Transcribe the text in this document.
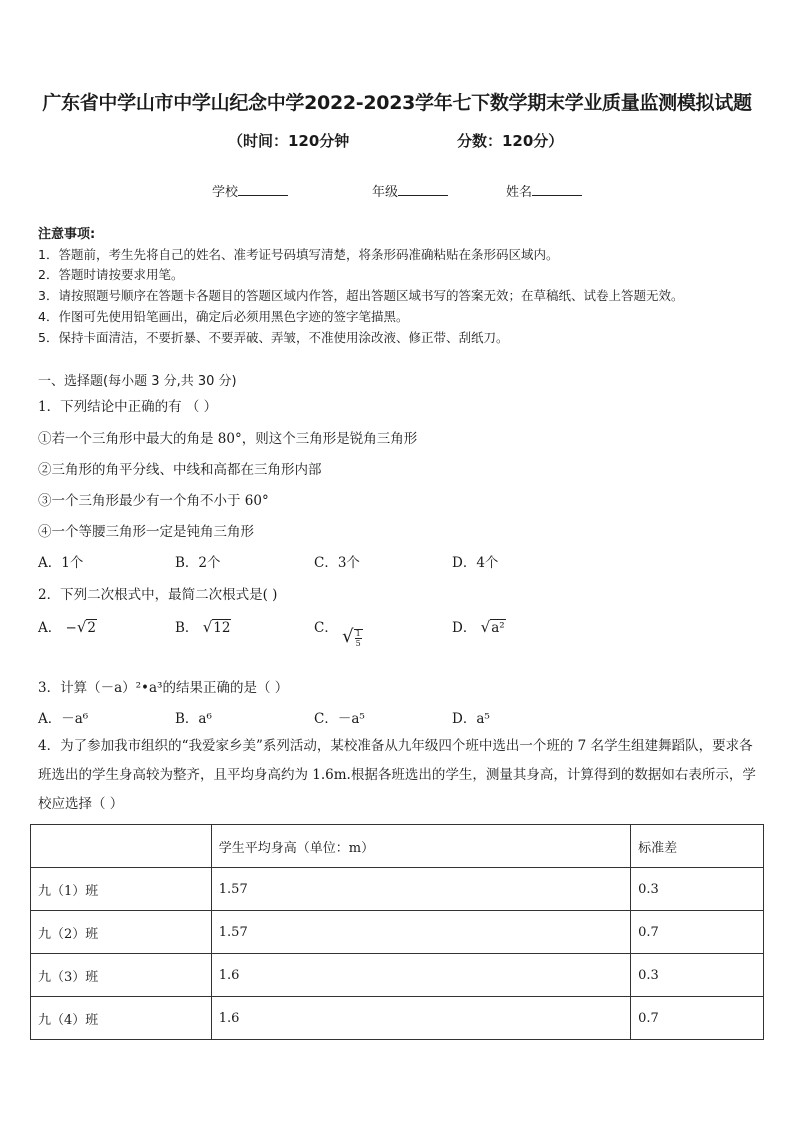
广东省中学山市中学山纪念中学2022-2023学年七下数学期末学业质量监测模拟试题
（时间：120分钟	分数：120分）
学校	年级	姓名
注意事项:
1．答题前，考生先将自己的姓名、准考证号码填写清楚，将条形码准确粘贴在条形码区域内。
2．答题时请按要求用笔。
3．请按照题号顺序在答题卡各题目的答题区域内作答，超出答题区域书写的答案无效；在草稿纸、试卷上答题无效。
4．作图可先使用铅笔画出，确定后必须用黑色字迹的签字笔描黑。
5．保持卡面清洁，不要折暴、不要弄破、弄皱，不准使用涂改液、修正带、刮纸刀。
一、选择题(每小题 3 分,共 30 分)
1．下列结论中正确的有 （ ）
①若一个三角形中最大的角是 80°，则这个三角形是锐角三角形
②三角形的角平分线、中线和高都在三角形内部
③一个三角形最少有一个角不小于 60°
④一个等腰三角形一定是钝角三角形
A．1个	B．2个	C．3个	D．4个
2．下列二次根式中，最简二次根式是( )
A． −√2	B． √12	C． √ $\frac{1}{5}$
D． √a²
3．计算（－a）²•a³的结果正确的是（ ）
A．－a⁶	B．a⁶	C．－a⁵	D．a⁵
4．为了参加我市组织的“我爱家乡美”系列活动，某校准备从九年级四个班中选出一个班的 7 名学生组建舞蹈队，要求各班选出的学生身高较为整齐，且平均身高约为 1.6m.根据各班选出的学生，测量其身高，计算得到的数据如右表所示，学校应选择（ ）
	学生平均身高（单位：m）	标准差
九（1）班	1.57	0.3
九（2）班	1.57	0.7
九（3）班	1.6	0.3
九（4）班	1.6	0.7
